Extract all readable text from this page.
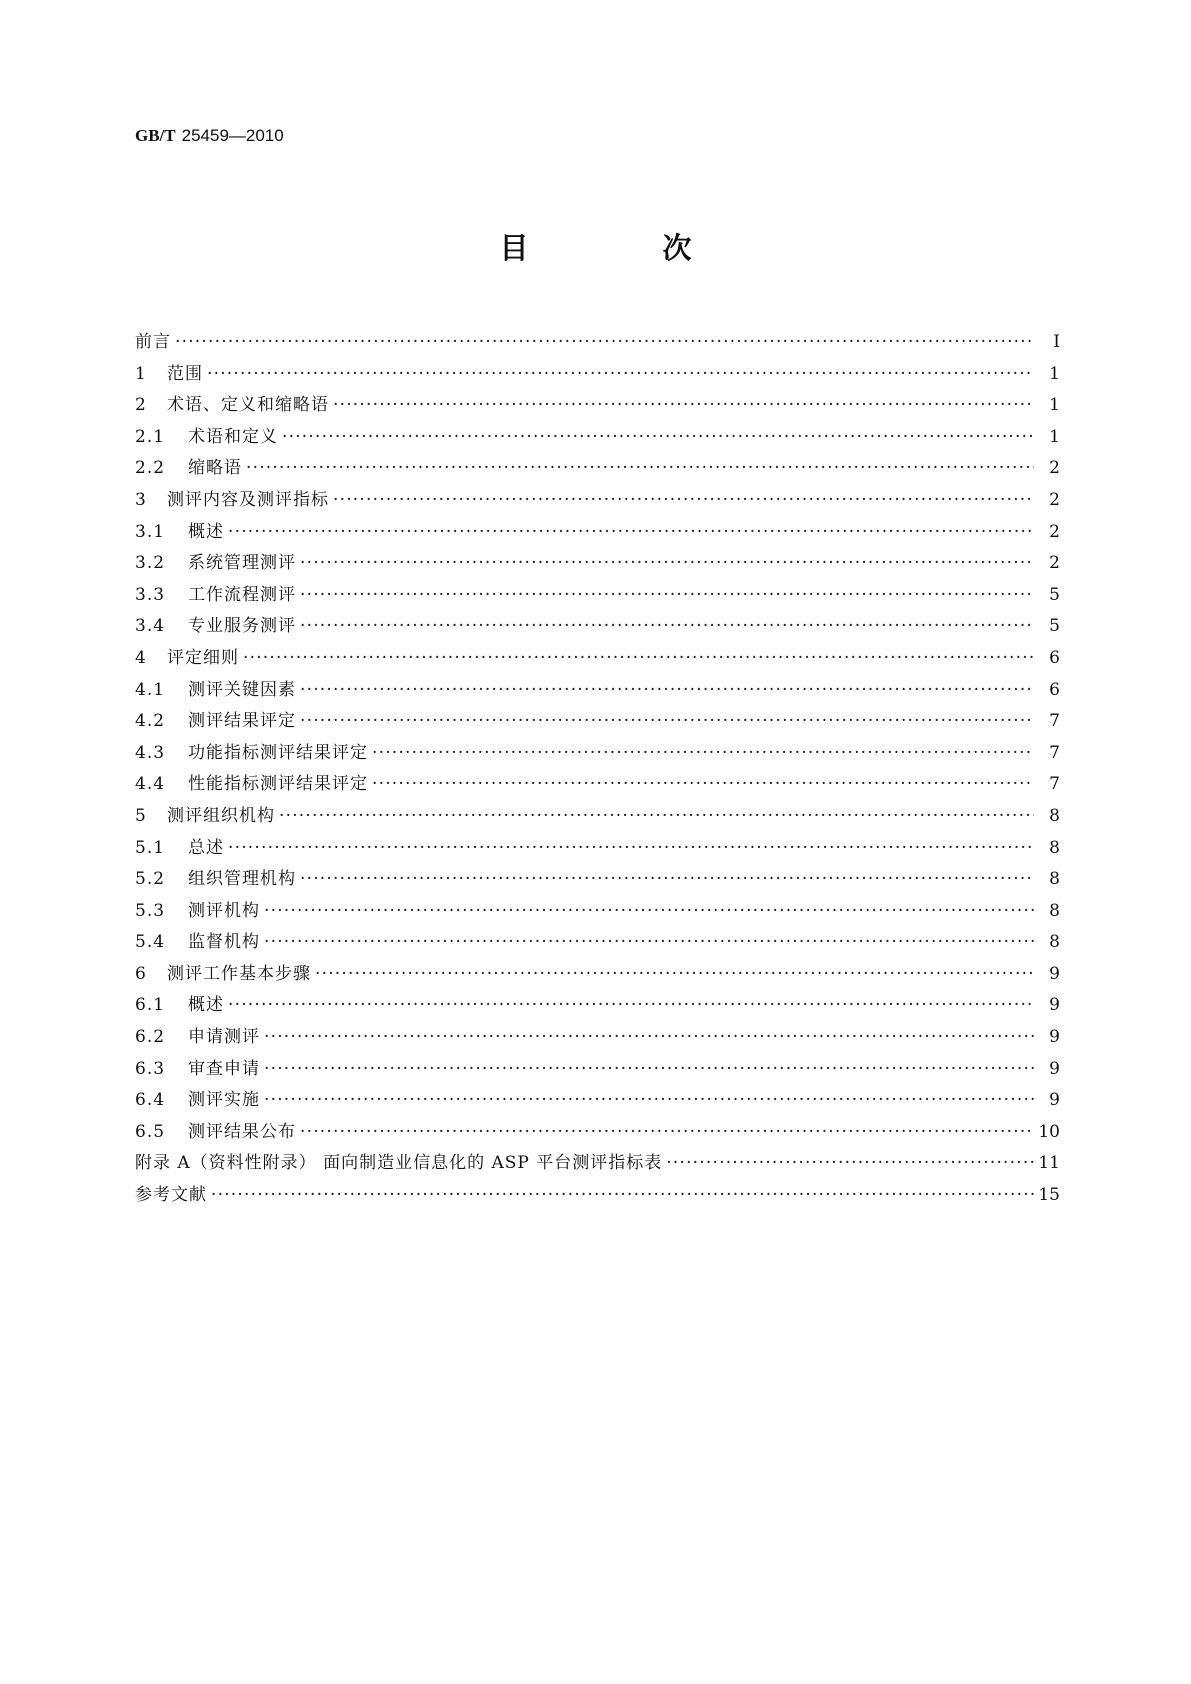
GB/T 25459—2010
目 次
前言 ·····	Ⅰ
1 范围 ·····	1
2 术语、定义和缩略语 ·····	1
2.1 术语和定义 ·····	1
2.2 缩略语 ·····	2
3 测评内容及测评指标 ·····	2
3.1 概述 ·····	2
3.2 系统管理测评 ·····	2
3.3 工作流程测评 ·····	5
3.4 专业服务测评 ·····	5
4 评定细则 ·····	6
4.1 测评关键因素 ·····	6
4.2 测评结果评定 ·····	7
4.3 功能指标测评结果评定 ·····	7
4.4 性能指标测评结果评定 ·····	7
5 测评组织机构 ·····	8
5.1 总述 ·····	8
5.2 组织管理机构 ·····	8
5.3 测评机构 ·····	8
5.4 监督机构 ·····	8
6 测评工作基本步骤 ·····	9
6.1 概述 ·····	9
6.2 申请测评 ·····	9
6.3 审查申请 ·····	9
6.4 测评实施 ·····	9
6.5 测评结果公布 ·····	10
附录 A（资料性附录） 面向制造业信息化的 ASP 平台测评指标表 ·····	11
参考文献 ·····	15
